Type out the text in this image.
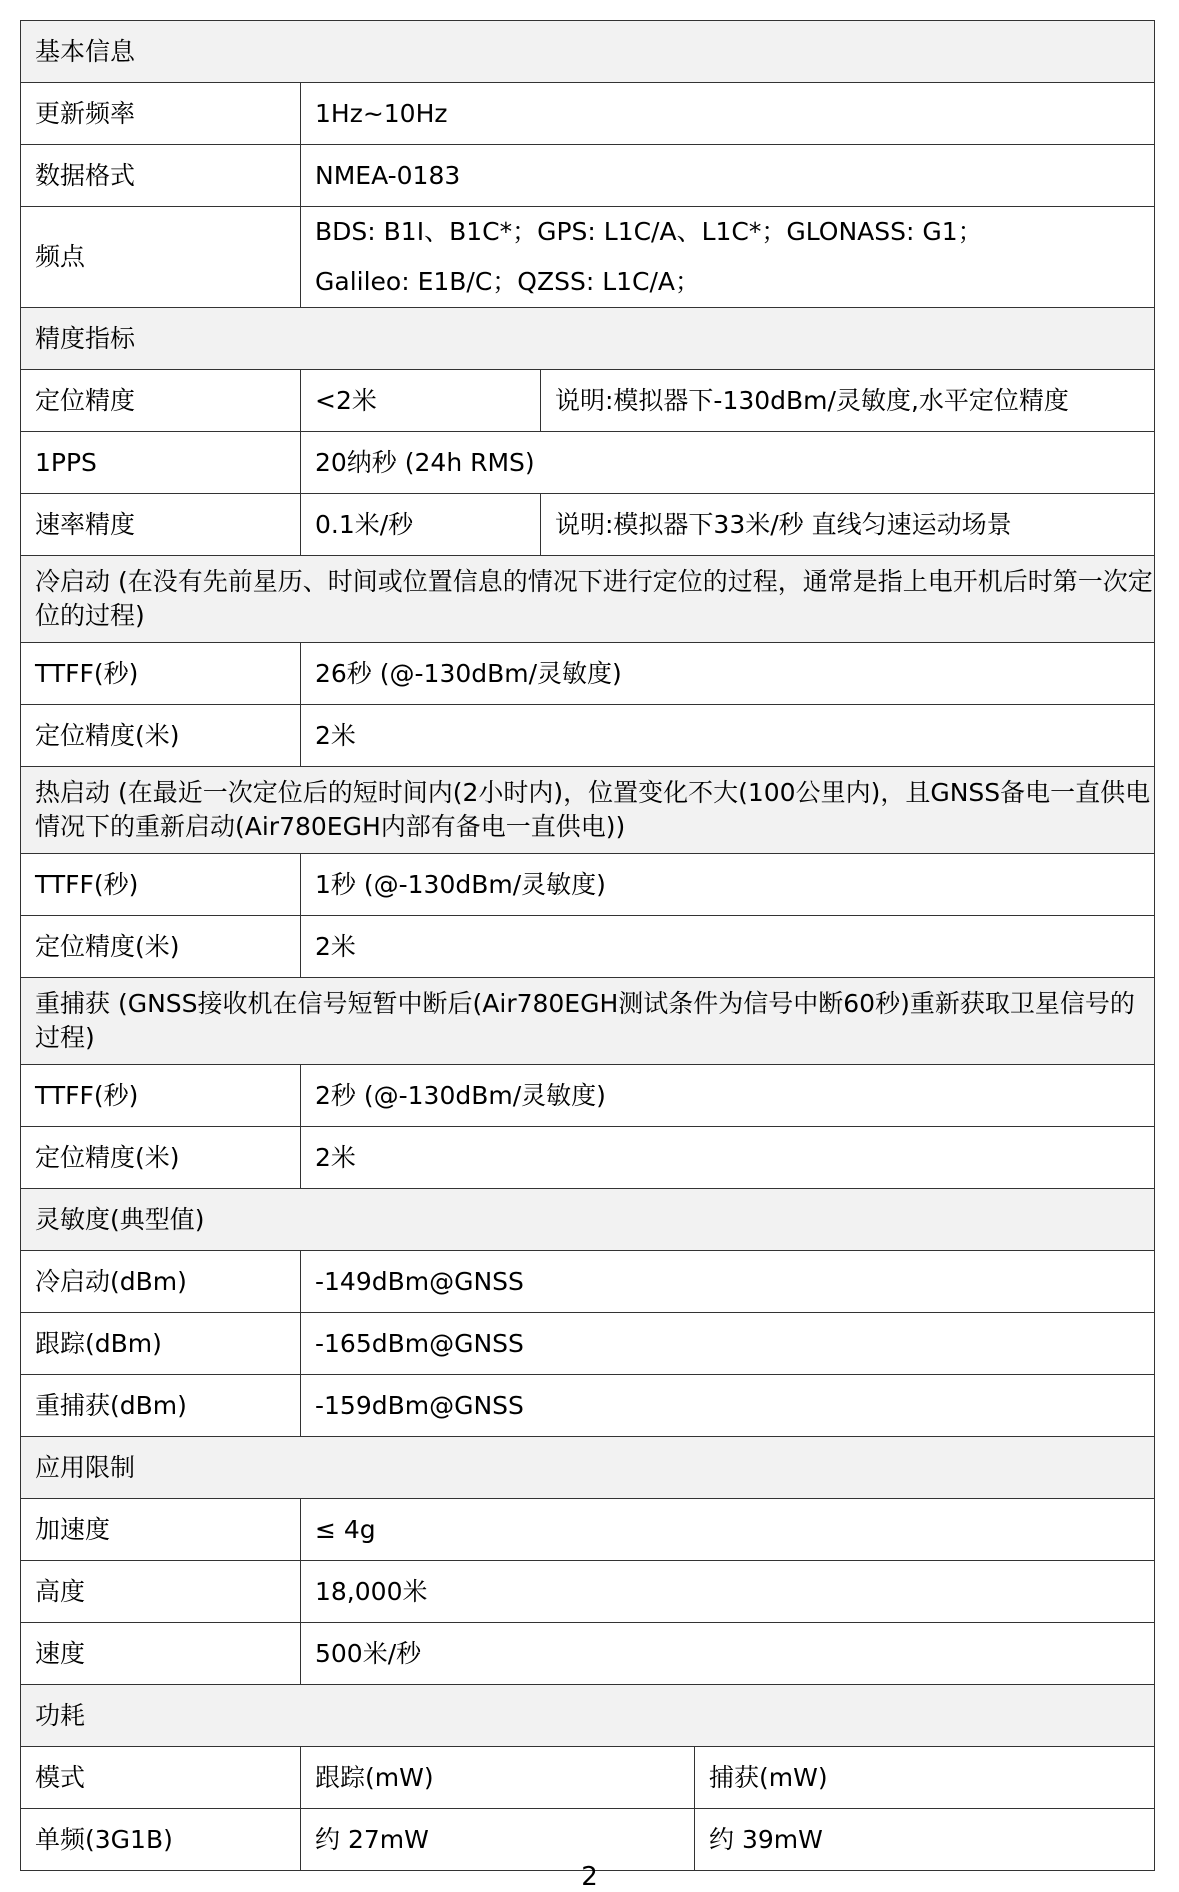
基本信息			
更新频率	1Hz~10Hz		
数据格式	NMEA-0183		
频点	BDS: B1I、B1C*；GPS: L1C/A、L1C*；GLONASS: G1；
Galileo: E1B/C；QZSS: L1C/A；		

精度指标			
定位精度	<2米	说明:模拟器下-130dBm/灵敏度,水平定位精度	
1PPS	20纳秒 (24h RMS)		
速率精度	0.1米/秒	说明:模拟器下33米/秒 直线匀速运动场景	
冷启动 (在没有先前星历、时间或位置信息的情况下进行定位的过程，通常是指上电开机后时第一次定位的过程)			
TTFF(秒)	26秒 (@-130dBm/灵敏度)		
定位精度(米)	2米		
热启动 (在最近一次定位后的短时间内(2小时内)，位置变化不大(100公里内)，且GNSS备电一直供电情况下的重新启动(Air780EGH内部有备电一直供电))			
TTFF(秒)	1秒 (@-130dBm/灵敏度)		
定位精度(米)	2米		
重捕获 (GNSS接收机在信号短暂中断后(Air780EGH测试条件为信号中断60秒)重新获取卫星信号的过程)			
TTFF(秒)	2秒 (@-130dBm/灵敏度)		
定位精度(米)	2米		
灵敏度(典型值)			
冷启动(dBm)	-149dBm@GNSS		
跟踪(dBm)	-165dBm@GNSS		
重捕获(dBm)	-159dBm@GNSS		
应用限制			
加速度	≤ 4g		
高度	18,000米		
速度	500米/秒		
功耗			
模式	跟踪(mW)		捕获(mW)
单频(3G1B)	约 27mW		约 39mW
2
